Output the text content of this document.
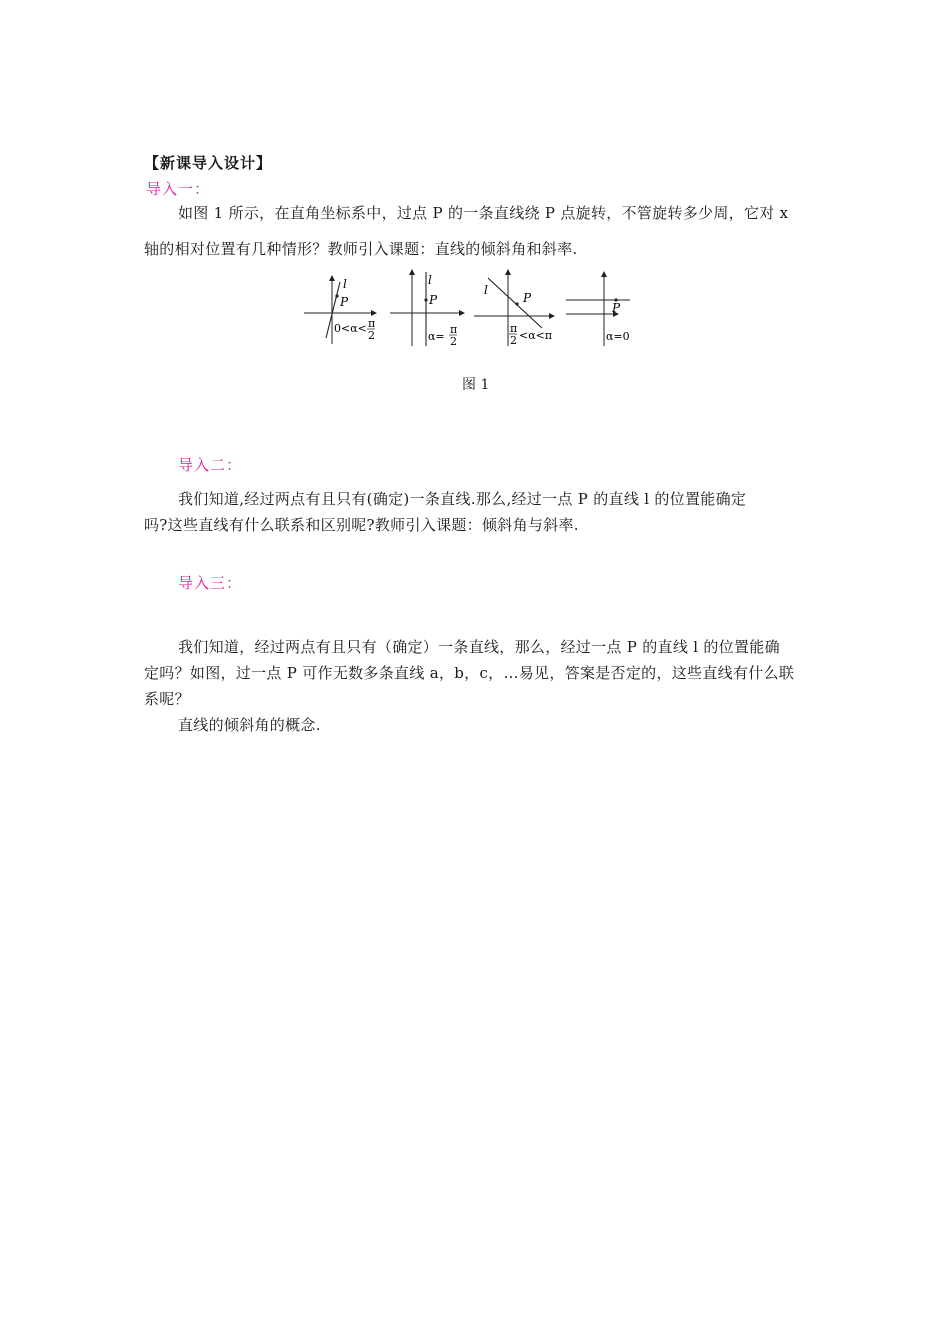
【新课导入设计】
导入一：
如图 1 所示，在直角坐标系中，过点 P 的一条直线绕 P 点旋转，不管旋转多少周，它对 x
轴的相对位置有几种情形？教师引入课题：直线的倾斜角和斜率.
l
P
0<α< π
2
l
P
α=
π
2
l
P
π
2 <α<π
P
α=0
图 1
导入二：
我们知道,经过两点有且只有(确定)一条直线.那么,经过一点 P 的直线 l 的位置能确定
吗?这些直线有什么联系和区别呢?教师引入课题：倾斜角与斜率.
导入三：
我们知道，经过两点有且只有（确定）一条直线，那么，经过一点 P 的直线 l 的位置能确
定吗？如图，过一点 P 可作无数多条直线 a，b，c，…易见，答案是否定的，这些直线有什么联
系呢？
直线的倾斜角的概念.
